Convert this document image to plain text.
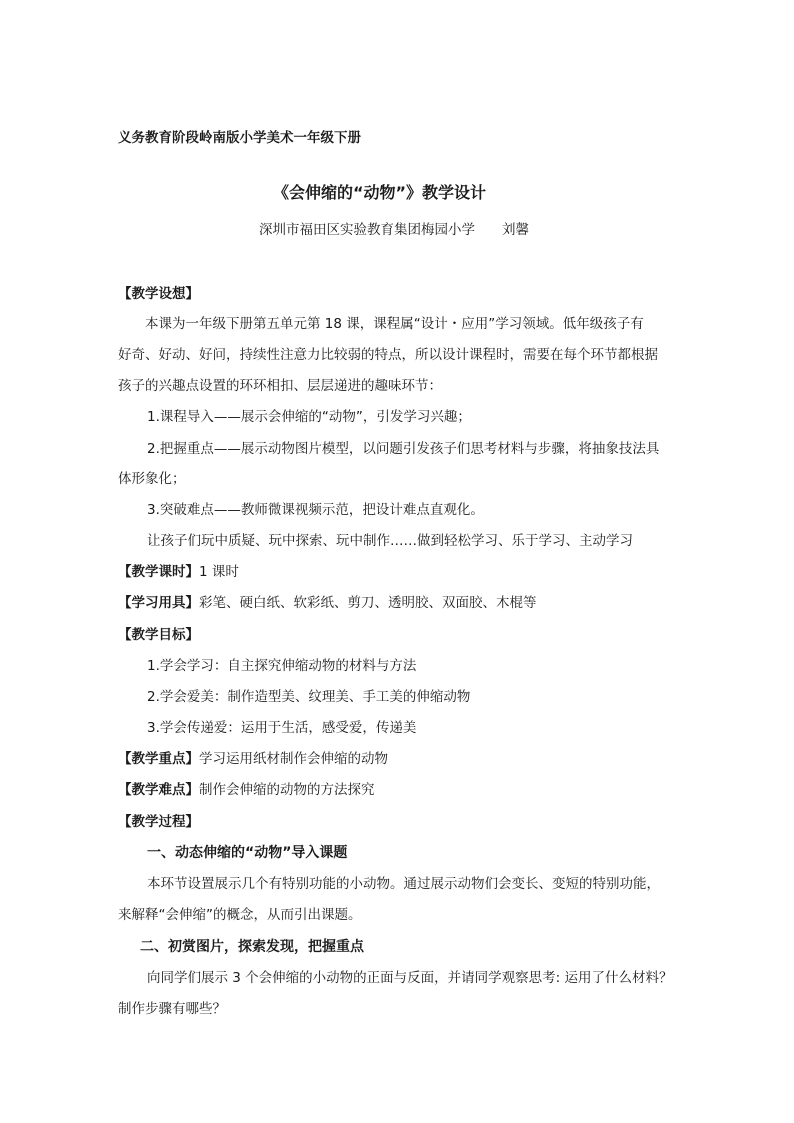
义务教育阶段岭南版小学美术一年级下册
《会伸缩的“动物”》教学设计
深圳市福田区实验教育集团梅园小学　　刘馨
【教学设想】
本课为一年级下册第五单元第 18 课，课程属“设计・应用”学习领域。低年级孩子有
好奇、好动、好问，持续性注意力比较弱的特点，所以设计课程时，需要在每个环节都根据
孩子的兴趣点设置的环环相扣、层层递进的趣味环节：
1.课程导入——展示会伸缩的“动物”，引发学习兴趣；
2.把握重点——展示动物图片模型，以问题引发孩子们思考材料与步骤，将抽象技法具
体形象化；
3.突破难点——教师微课视频示范，把设计难点直观化。
让孩子们玩中质疑、玩中探索、玩中制作……做到轻松学习、乐于学习、主动学习
【教学课时】1 课时
【学习用具】彩笔、硬白纸、软彩纸、剪刀、透明胶、双面胶、木棍等
【教学目标】
1.学会学习：自主探究伸缩动物的材料与方法
2.学会爱美：制作造型美、纹理美、手工美的伸缩动物
3.学会传递爱：运用于生活，感受爱，传递美
【教学重点】学习运用纸材制作会伸缩的动物
【教学难点】制作会伸缩的动物的方法探究
【教学过程】
一、动态伸缩的“动物”导入课题
本环节设置展示几个有特别功能的小动物。通过展示动物们会变长、变短的特别功能，
来解释“会伸缩”的概念，从而引出课题。
二、初赏图片，探索发现，把握重点
向同学们展示 3 个会伸缩的小动物的正面与反面，并请同学观察思考: 运用了什么材料？
制作步骤有哪些？
